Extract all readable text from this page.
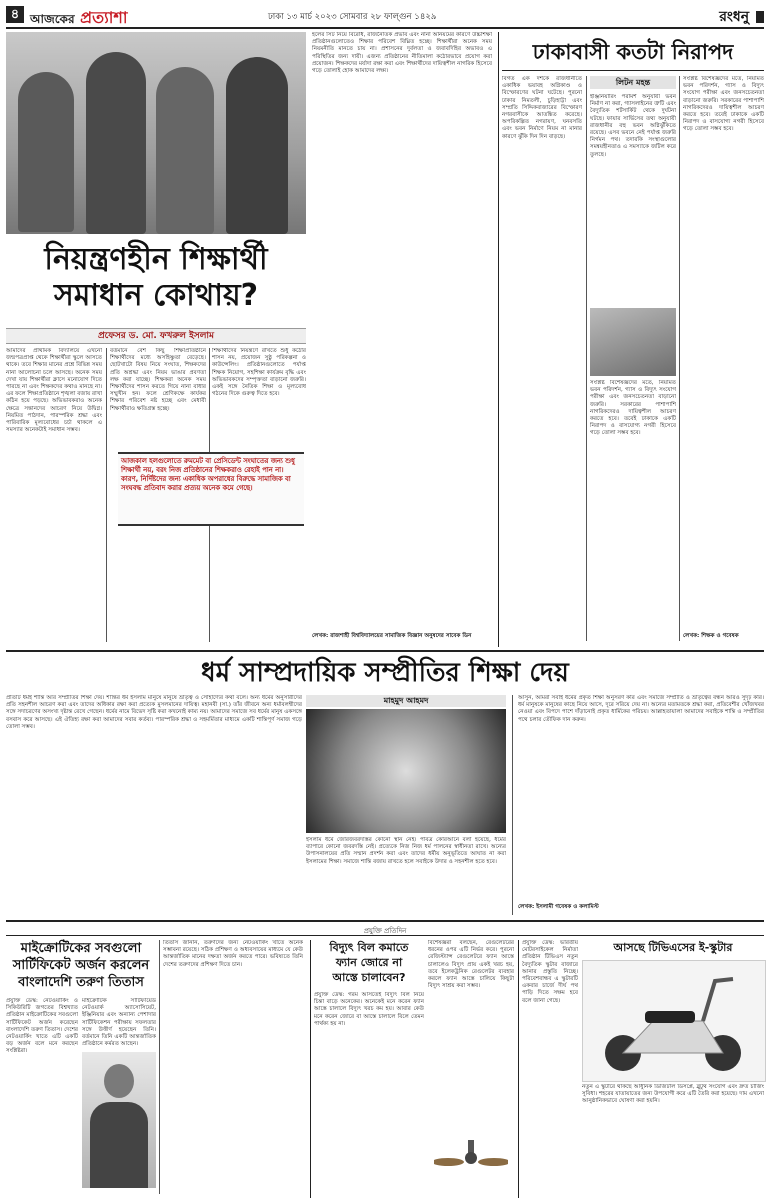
৪ আজকের প্রত্যাশা	ঢাকা ১৩ মার্চ ২০২৩ সোমবার ২৮ ফাল্গুন ১৪২৯	রংধনু
হলের সিট নিয়ে বিরোধ, রাজনৈতিক প্রভাব এবং নানা অনিয়মের কারণে উচ্চশিক্ষা প্রতিষ্ঠানগুলোতেও শিক্ষার পরিবেশ বিঘ্নিত হচ্ছে। শিক্ষার্থীরা অনেক সময় নিয়মনীতি মানতে চায় না। প্রশাসনের দুর্বলতা ও জবাবদিহির অভাবও এ পরিস্থিতির জন্য দায়ী। এজন্য প্রতিষ্ঠানের নীতিমালা কঠোরভাবে প্রয়োগ করা প্রয়োজন। শিক্ষকদের মর্যাদা রক্ষা করা এবং শিক্ষার্থীদের দায়িত্বশীল নাগরিক হিসেবে গড়ে তোলাই হোক আমাদের লক্ষ্য।
নিয়ন্ত্রণহীন শিক্ষার্থী
সমাধান কোথায়?
প্রফেসর ড. মো. ফখরুল ইসলাম
আমাদের প্রাথমিক বিদ্যালয়ে এখনো জন্মপত্রপ্রাপ্ত থেকে শিক্ষার্থীরা স্কুলে আসতে থাকে। তবে শিক্ষার মানের প্রশ্নে বিভিন্ন সময় নানা আলোচনা চলে আসছে। অনেক সময় দেখা যায় শিক্ষার্থীরা ক্লাসে মনোযোগ দিতে পারছে না এবং শিক্ষকদের কথাও মানছে না। এর ফলে শিক্ষাপ্রতিষ্ঠানে শৃঙ্খলা বজায় রাখা কঠিন হয়ে পড়ছে। অভিভাবকরাও অনেক ক্ষেত্রে সন্তানদের আচরণ নিয়ে উদ্বিগ্ন। নিয়মিত পাঠদান, পারস্পরিক শ্রদ্ধা এবং পারিবারিক মূল্যবোধের চর্চা থাকলে এ সমস্যার অনেকটাই সমাধান সম্ভব।
বর্তমানে বেশ কিছু শিক্ষাপ্রতিষ্ঠানে শিক্ষার্থীদের মধ্যে অসহিষ্ণুতা বেড়েছে। ছোটখাটো বিষয় নিয়ে সংঘাত, শিক্ষকদের প্রতি অশ্রদ্ধা এবং নিয়ম ভাঙার প্রবণতা লক্ষ করা যাচ্ছে। শিক্ষকরা অনেক সময় শিক্ষার্থীদের শাসন করতে গিয়ে নানা বাধার সম্মুখীন হন। ফলে শ্রেণিকক্ষে কার্যকর শিক্ষার পরিবেশ নষ্ট হচ্ছে এবং মেধাবী শিক্ষার্থীরাও ক্ষতিগ্রস্ত হচ্ছে।
শিক্ষার্থীদের নিয়ন্ত্রণে রাখতে শুধু কঠোর শাসন নয়, প্রয়োজন সুষ্ঠু পরিকল্পনা ও কাউন্সেলিং। প্রতিষ্ঠানগুলোতে পর্যাপ্ত শিক্ষক নিয়োগ, সহশিক্ষা কার্যক্রম বৃদ্ধি এবং অভিভাবকদের সম্পৃক্ততা বাড়ানো জরুরি। একই সঙ্গে নৈতিক শিক্ষা ও মূল্যবোধ গঠনের দিকে গুরুত্ব দিতে হবে।
আজকাল হলগুলোতে রুমমেট বা প্রেসিডেন্ট সংঘাতের জন্য শুধু শিক্ষার্থী নয়, বরং নিজ প্রতিষ্ঠানের শিক্ষকরাও রেহাই পান না। কারণ, নির্দিষ্টদের জন্য একাধিক অপরাধের বিরুদ্ধে সামাজিক বা সংঘবদ্ধ প্রতিবাদ করার প্রত্যয় অনেক কমে গেছে।
লেখক: রাজশাহী বিশ্ববিদ্যালয়ের সামাজিক বিজ্ঞান অনুষদের সাবেক ডিন
ঢাকাবাসী কতটা নিরাপদ
বিগত এক দশকে রাজধানীতে একাধিক ভয়াবহ অগ্নিকাণ্ড ও বিস্ফোরণের ঘটনা ঘটেছে। পুরনো ঢাকার নিমতলী, চুড়িহাট্টা এবং সম্প্রতি সিদ্দিকবাজারের বিস্ফোরণ নগরবাসীকে আতঙ্কিত করেছে। অপরিকল্পিত নগরায়ণ, ঘনবসতি এবং ভবন নির্মাণে নিয়ম না মানার কারণে ঝুঁকি দিন দিন বাড়ছে।
লিটন মহন্ত
ইঞ্জিনিয়ারিং পরামর্শ অনুযায়ী ভবন নির্মাণ না করা, গ্যাসলাইনের ত্রুটি এবং বৈদ্যুতিক শর্টসার্কিট থেকে দুর্ঘটনা ঘটছে। ফায়ার সার্ভিসের তথ্য অনুযায়ী রাজধানীর বহু ভবন অগ্নিঝুঁকিতে রয়েছে। এসব ভবনে নেই পর্যাপ্ত জরুরি নির্গমন পথ। তদারকি সংস্থাগুলোর সমন্বয়হীনতাও এ সমস্যাকে জটিল করে তুলছে।
সংশ্লিষ্ট বিশেষজ্ঞদের মতে, নিয়মিত ভবন পরিদর্শন, গ্যাস ও বিদ্যুৎ সংযোগ পরীক্ষা এবং জনসচেতনতা বাড়ানো জরুরি। সরকারের পাশাপাশি নাগরিকদেরও দায়িত্বশীল আচরণ করতে হবে। তবেই ঢাকাকে একটি নিরাপদ ও বাসযোগ্য নগরী হিসেবে গড়ে তোলা সম্ভব হবে।
সংশ্লিষ্ট বিশেষজ্ঞদের মতে, নিয়মিত ভবন পরিদর্শন, গ্যাস ও বিদ্যুৎ সংযোগ পরীক্ষা এবং জনসচেতনতা বাড়ানো জরুরি। সরকারের পাশাপাশি নাগরিকদেরও দায়িত্বশীল আচরণ করতে হবে। তবেই ঢাকাকে একটি নিরাপদ ও বাসযোগ্য নগরী হিসেবে গড়ে তোলা সম্ভব হবে।
লেখক: শিক্ষক ও গবেষক
ধর্ম সাম্প্রদায়িক সম্প্রীতির শিক্ষা দেয়
প্রতিটি ধর্মই শান্তি আর সম্প্রীতির শিক্ষা দেয়। শান্তির ধর্ম ইসলাম মানুষে মানুষে ভ্রাতৃত্ব ও সৌহার্দ্যের কথা বলে। অন্য ধর্মের অনুসারীদের প্রতি সহনশীল আচরণ করা এবং তাদের অধিকার রক্ষা করা প্রত্যেক মুসলমানের দায়িত্ব। মহানবী (সা.) তাঁর জীবনে অন্য ধর্মাবলম্বীদের সঙ্গে সদাচরণের অসংখ্য দৃষ্টান্ত রেখে গেছেন। ধর্মের নামে বিভেদ সৃষ্টি করা কখনোই কাম্য নয়। আমাদের সমাজে সব ধর্মের মানুষ একসঙ্গে বসবাস করে আসছে। এই ঐতিহ্য রক্ষা করা আমাদের সবার কর্তব্য। পারস্পরিক শ্রদ্ধা ও সহমর্মিতার মাধ্যমে একটি শান্তিপূর্ণ সমাজ গড়ে তোলা সম্ভব।
মাহমুদ আহমদ
ইসলাম ধর্মে জোরজবরদস্তির কোনো স্থান নেই। পবিত্র কোরআনে বলা হয়েছে, ধর্মের ব্যাপারে কোনো জবরদস্তি নেই। প্রত্যেকে নিজ নিজ ধর্ম পালনের স্বাধীনতা রাখে। অন্যের উপাসনালয়ের প্রতি সম্মান প্রদর্শন করা এবং তাদের ধর্মীয় অনুভূতিতে আঘাত না করা ইসলামের শিক্ষা। সমাজে শান্তি বজায় রাখতে হলে সবাইকে উদার ও সহনশীল হতে হবে।
আসুন, আমরা সবাই ধর্মের প্রকৃত শিক্ষা অনুসরণ করি এবং সমাজে সম্প্রীতি ও ভ্রাতৃত্বের বন্ধন আরও সুদৃঢ় করি। ধর্ম মানুষকে মানুষের কাছে নিয়ে আসে, দূরে সরিয়ে দেয় না। অন্যের মতামতকে শ্রদ্ধা করা, প্রতিবেশীর খোঁজখবর নেওয়া এবং বিপদে পাশে দাঁড়ানোই প্রকৃত ধার্মিকের পরিচয়। আল্লাহতায়ালা আমাদের সবাইকে শান্তি ও সম্প্রীতির পথে চলার তৌফিক দান করুন।
লেখক: ইসলামী গবেষক ও কলামিস্ট
প্রযুক্তি প্রতিদিন
মাইক্রোটিকের সবগুলো
সার্টিফিকেট অর্জন করলেন
বাংলাদেশি তরুণ তিতাস
প্রযুক্তি ডেস্ক: নেটওয়ার্কিং ও সিকিউরিটি জগতের বিশ্বখ্যাত প্রতিষ্ঠান মাইক্রোটিকের সবগুলো সার্টিফিকেট অর্জন করেছেন বাংলাদেশি তরুণ তিতাস। দেশের নেটওয়ার্কিং খাতে এটি একটি বড় অর্জন বলে মনে করছেন সংশ্লিষ্টরা।
মাইক্রোটিক সার্টিফায়েড নেটওয়ার্ক অ্যাসোসিয়েট, ইঞ্জিনিয়ার এবং অন্যান্য পেশাদার সার্টিফিকেশন পরীক্ষায় সফলতার সঙ্গে উত্তীর্ণ হয়েছেন তিনি। বর্তমানে তিনি একটি আন্তর্জাতিক প্রতিষ্ঠানে কর্মরত আছেন।
তিতাস জানান, তরুণদের জন্য নেটওয়ার্কিং খাতে অনেক সম্ভাবনা রয়েছে। সঠিক প্রশিক্ষণ ও অধ্যবসায়ের মাধ্যমে যে কেউ আন্তর্জাতিক মানের দক্ষতা অর্জন করতে পারে। ভবিষ্যতে তিনি দেশের তরুণদের প্রশিক্ষণ দিতে চান।
বিদ্যুৎ বিল কমাতে
ফ্যান জোরে না
আস্তে চালাবেন?
প্রযুক্তি ডেস্ক: গরম আসতেই বিদ্যুৎ বিল নিয়ে চিন্তা বাড়ে অনেকের। অনেকেই মনে করেন ফ্যান আস্তে চালালে বিদ্যুৎ খরচ কম হয়। আবার কেউ মনে করেন জোরে বা আস্তে চালালে বিলে তেমন পার্থক্য হয় না।
বিশেষজ্ঞরা বলছেন, রেগুলেটরের ধরনের ওপর এটি নির্ভর করে। পুরনো রেজিস্ট্যান্স রেগুলেটরে ফ্যান আস্তে চালালেও বিদ্যুৎ প্রায় একই খরচ হয়, তবে ইলেকট্রনিক রেগুলেটর ব্যবহার করলে ফ্যান আস্তে চালিয়ে কিছুটা বিদ্যুৎ সাশ্রয় করা সম্ভব।
আসছে টিভিএসের ই-স্কুটার
প্রযুক্তি ডেস্ক: ভারতীয় মোটরসাইকেল নির্মাতা প্রতিষ্ঠান টিভিএস নতুন বৈদ্যুতিক স্কুটার বাজারে আনার প্রস্তুতি নিচ্ছে। পরিবেশবান্ধব এ স্কুটারটি একবার চার্জে দীর্ঘ পথ পাড়ি দিতে সক্ষম হবে বলে জানা গেছে।
নতুন এ স্কুটারে থাকছে আধুনিক ডিজিটাল ডিসপ্লে, ব্লুটুথ সংযোগ এবং দ্রুত চার্জিং সুবিধা। শহরের যাতায়াতের জন্য উপযোগী করে এটি তৈরি করা হয়েছে। দাম এখনো আনুষ্ঠানিকভাবে ঘোষণা করা হয়নি।
